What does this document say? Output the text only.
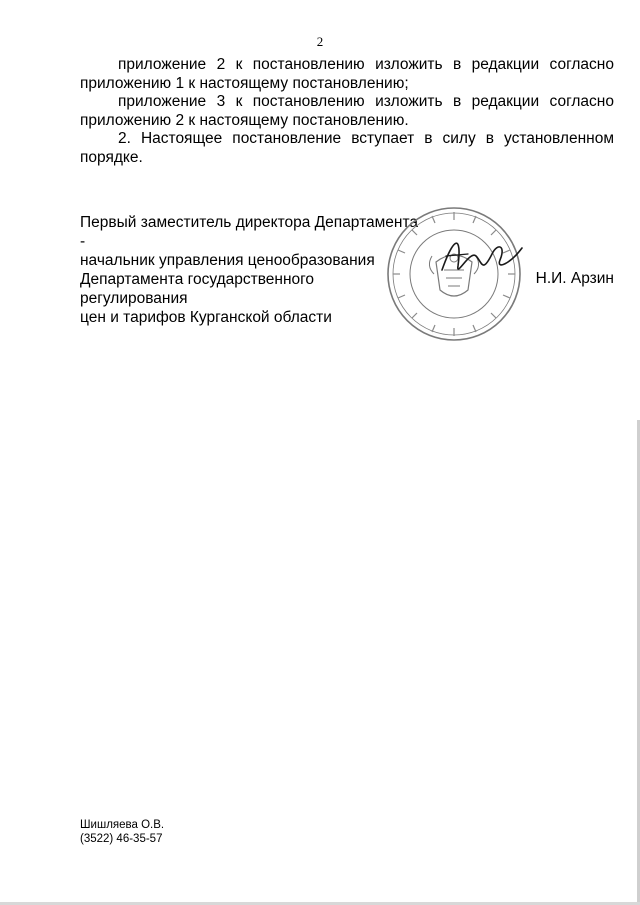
2

приложение 2 к постановлению изложить в редакции согласно приложению 1 к настоящему постановлению;

приложение 3 к постановлению изложить в редакции согласно приложению 2 к настоящему постановлению.

2. Настоящее постановление вступает в силу в установленном порядке.

Первый заместитель директора Департамента -
начальник управления ценообразования
Департамента государственного регулирования
цен и тарифов Курганской области
Н.И. Арзин
Шишляева О.В.
(3522) 46-35-57
